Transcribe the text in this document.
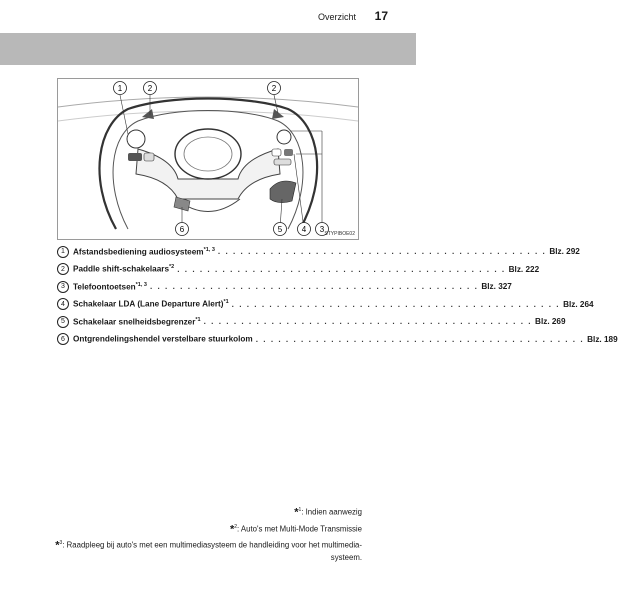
Overzicht 17
1	2	2
3
4
5
6	STYPIBOE02
1 Afstandsbediening audiosysteem$^{*1, 3}$ . . . . . . . . . . . . . . . . . . . . . . . . . . . . . . . . . . . . . . . . . . . . Blz. 292
2 Paddle shift-schakelaars$^{*2}$ . . . . . . . . . . . . . . . . . . . . . . . . . . . . . . . . . . . . . . . . . . . . Blz. 222
3 Telefoontoetsen$^{*1, 3}$ . . . . . . . . . . . . . . . . . . . . . . . . . . . . . . . . . . . . . . . . . . . . Blz. 327
4 Schakelaar LDA (Lane Departure Alert)$^{*1}$ . . . . . . . . . . . . . . . . . . . . . . . . . . . . . . . . . . . . . . . . . . . . Blz. 264
5 Schakelaar snelheidsbegrenzer$^{*1}$ . . . . . . . . . . . . . . . . . . . . . . . . . . . . . . . . . . . . . . . . . . . . Blz. 269
6 Ontgrendelingshendel verstelbare stuurkolom . . . . . . . . . . . . . . . . . . . . . . . . . . . . . . . . . . . . . . . . . . . . Blz. 189
*$^1$: Indien aanwezig
*$^2$: Auto's met Multi-Mode Transmissie
*$^3$: Raadpleeg bij auto's met een multimediasysteem de handleiding voor het multimedia-
systeem.
